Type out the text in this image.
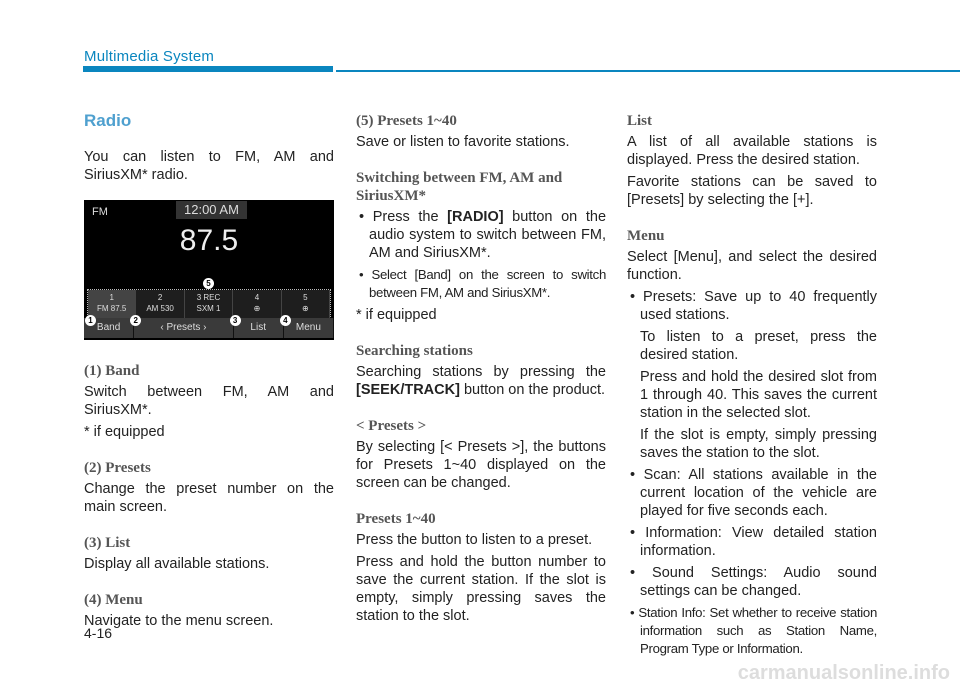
Multimedia System
Radio

You can listen to FM, AM and SiriusXM* radio.

FM	12:00 AM
87.5
5
1
FM 87.5
2
AM 530
3 REC
SXM 1
4
⊕
5
⊕
1
Band
2
‹ Presets ›
3
List
4
Menu
(1) Band

Switch between FM, AM and SiriusXM*.

* if equipped

(2) Presets

Change the preset number on the main screen.

(3) List

Display all available stations.

(4) Menu

Navigate to the menu screen.

(5) Presets 1~40

Save or listen to favorite stations.

Switching between FM, AM and SiriusXM*
• Press the [RADIO] button on the audio system to switch between FM, AM and SiriusXM*.
• Select [Band] on the screen to switch between FM, AM and SiriusXM*.

* if equipped

Searching stations

Searching stations by pressing the [SEEK/TRACK] button on the product.

< Presets >

By selecting [< Presets >], the buttons for Presets 1~40 displayed on the screen can be changed.

Presets 1~40

Press the button to listen to a preset.

Press and hold the button number to save the current station. If the slot is empty, simply pressing saves the station to the slot.

List

A list of all available stations is displayed. Press the desired station.

Favorite stations can be saved to [Presets] by selecting the [+].

Menu

Select [Menu], and select the desired function.

• Presets: Save up to 40 frequently used stations.
To listen to a preset, press the desired station.
Press and hold the desired slot from 1 through 40. This saves the current station in the selected slot.
If the slot is empty, simply pressing saves the station to the slot.
• Scan: All stations available in the current location of the vehicle are played for five seconds each.
• Information: View detailed station information.
• Sound Settings: Audio sound settings can be changed.
• Station Info: Set whether to receive station information such as Station Name, Program Type or Information.
4-16
carmanualsonline.info
